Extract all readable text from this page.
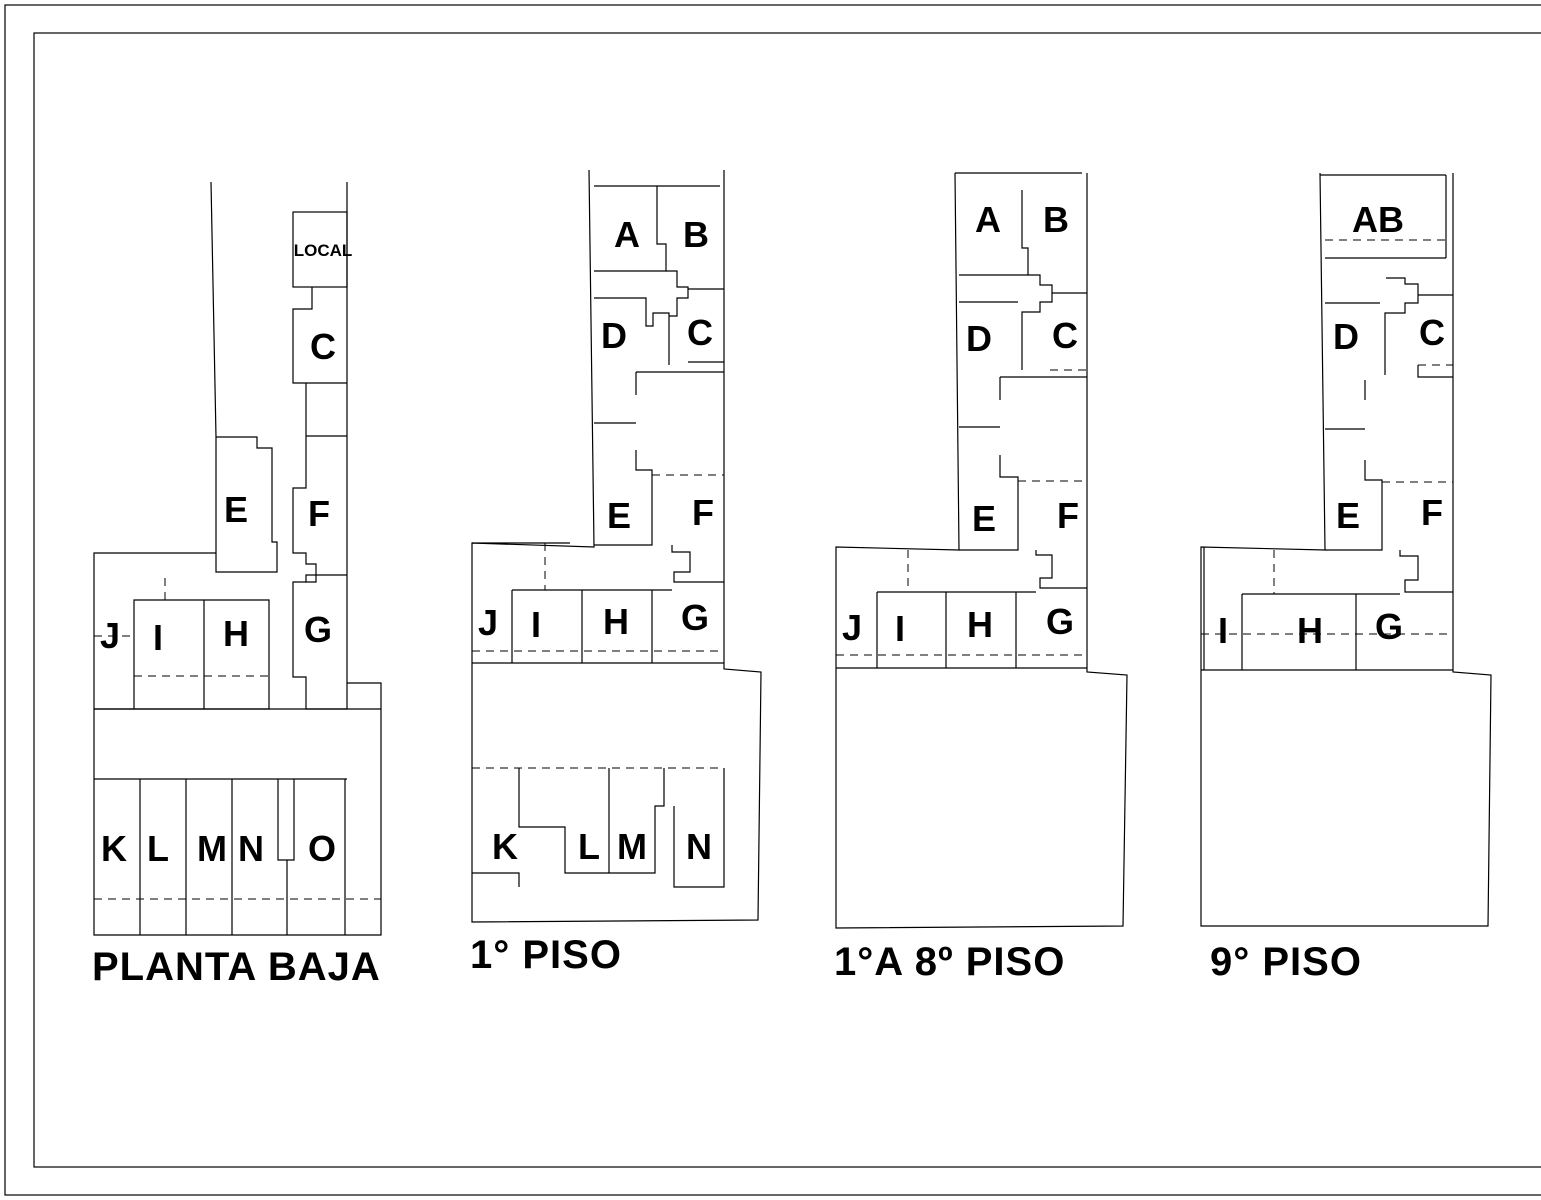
LOCAL
C
E F
J I H G
K L M N O
PLANTA BAJA
A B
D C
E F
J I H G
K L M N
1° PISO
A B
D C
E F
J I H G
1°A 8º PISO
AB
D C
E F
I H G
9° PISO
